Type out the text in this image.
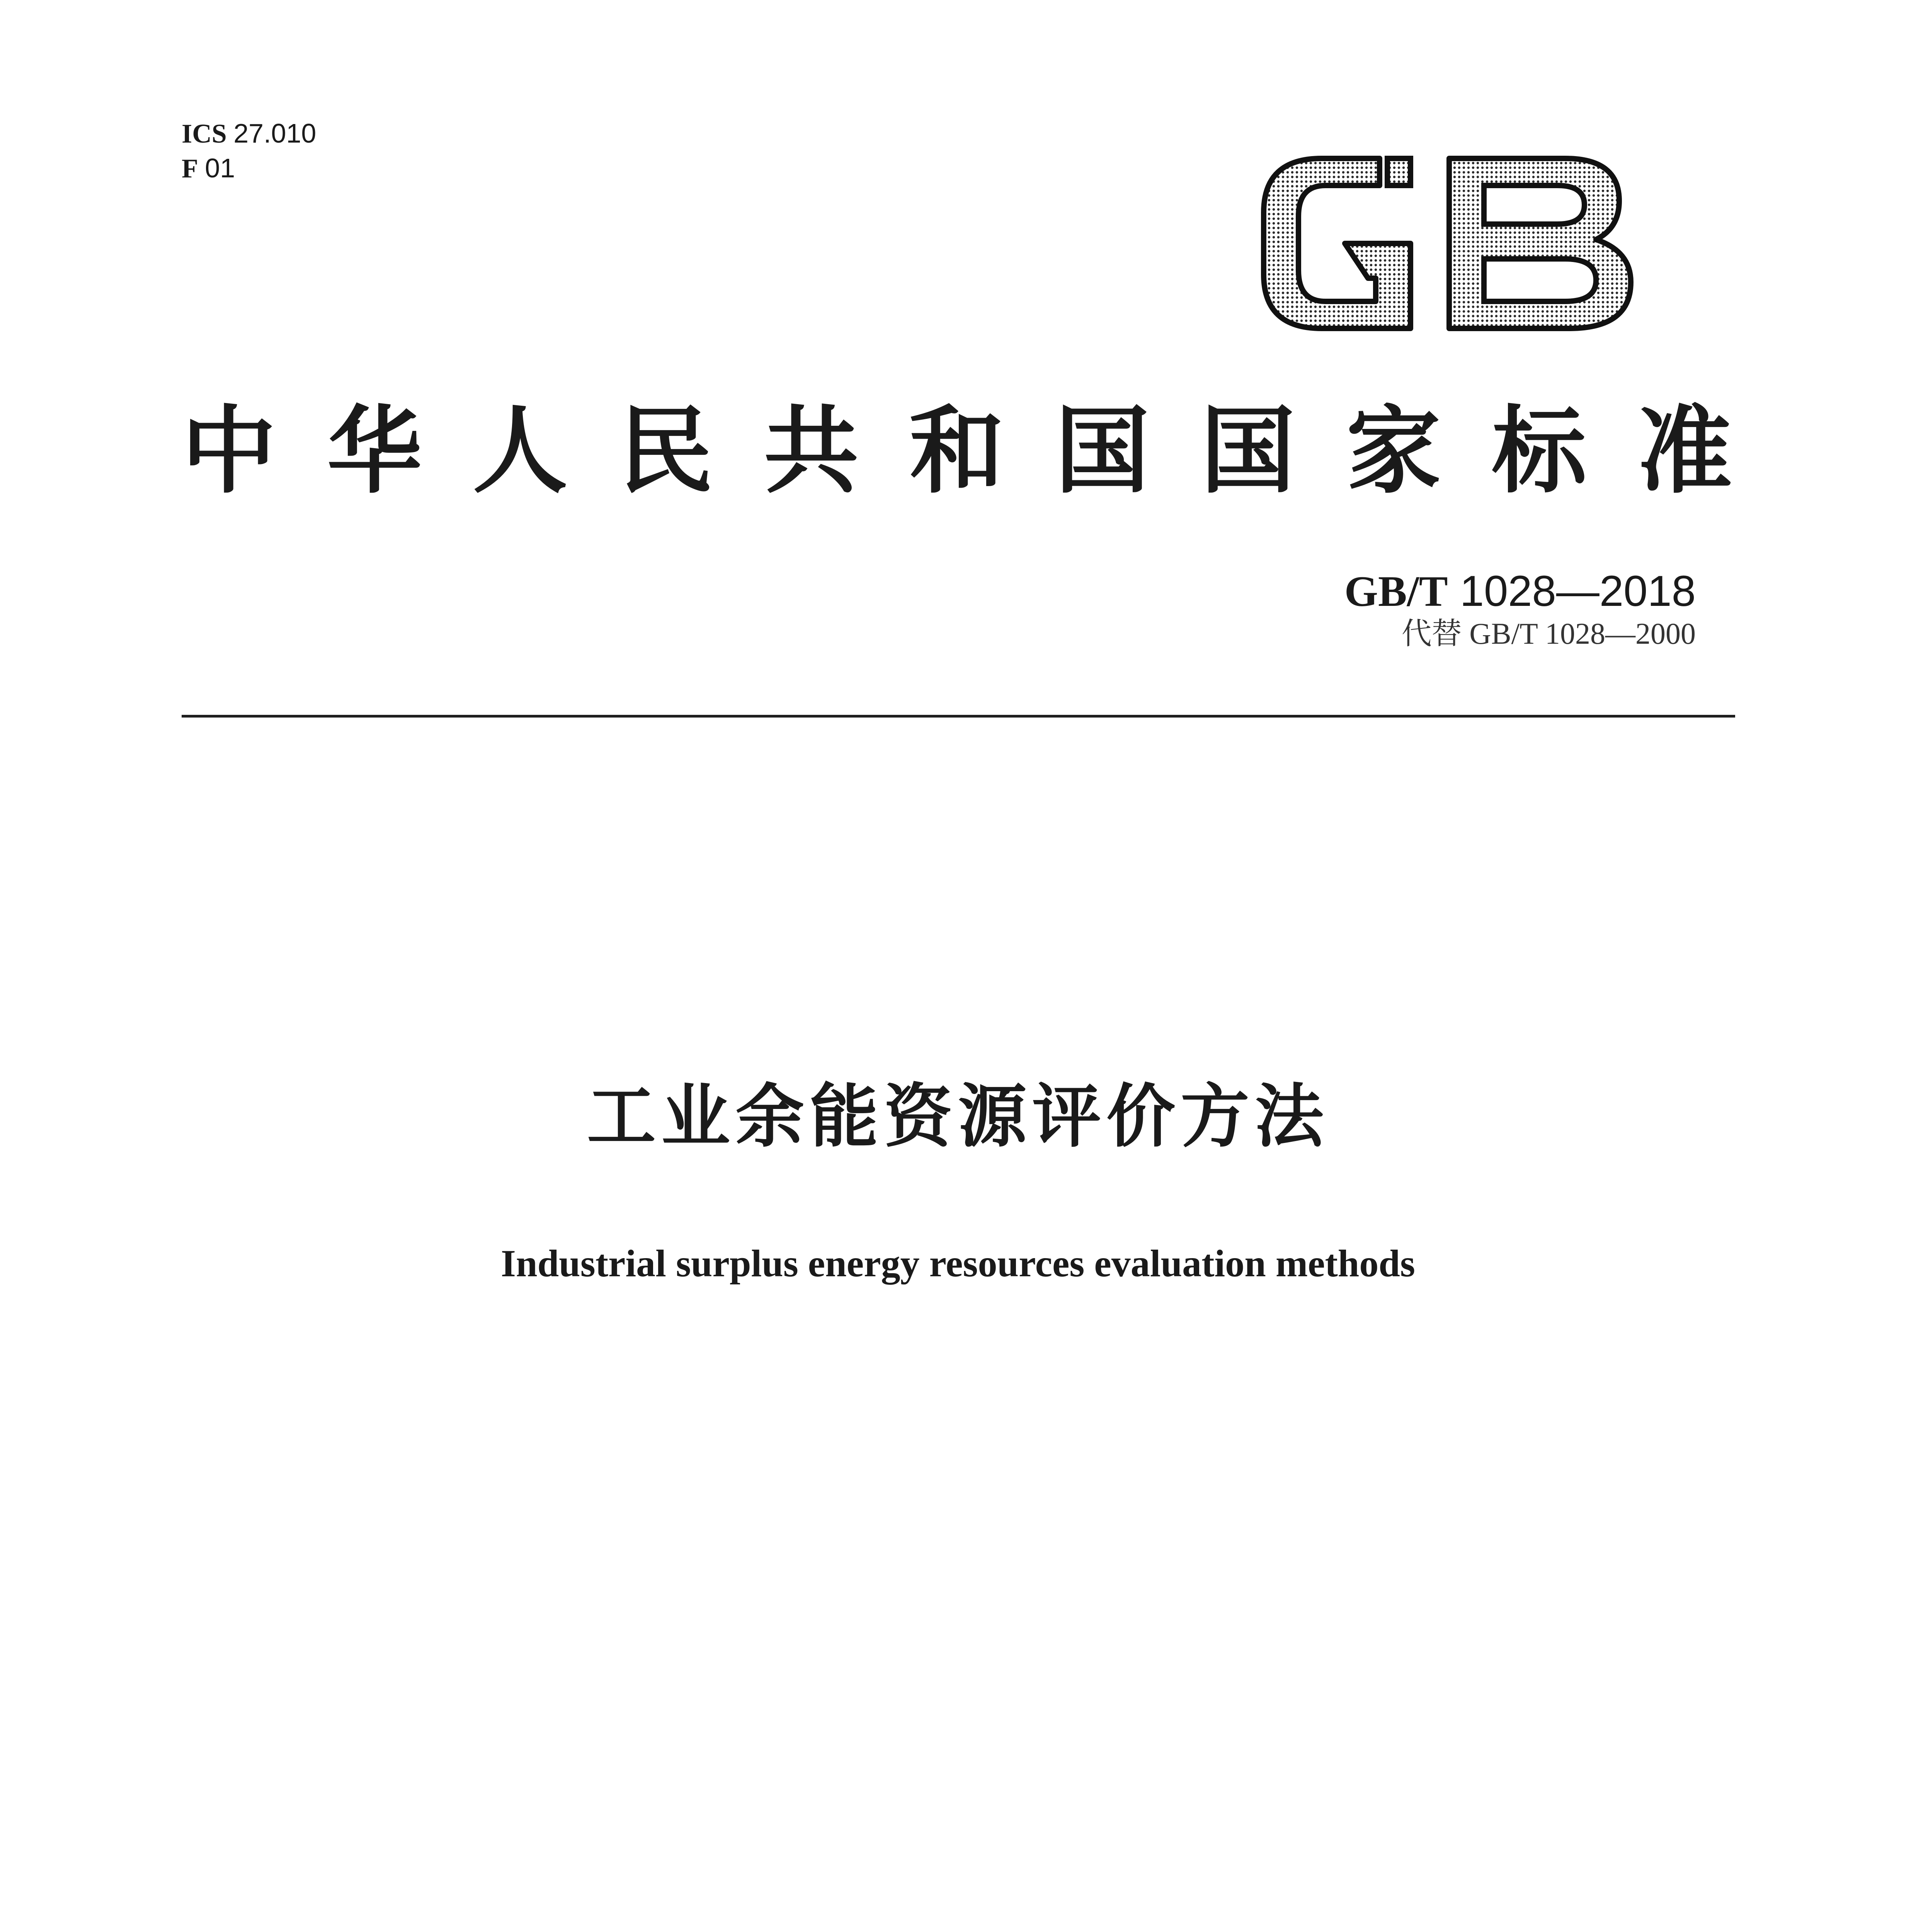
ICS 27.010
F 01
中华人民共和国国家标准
GB/T 1028—2018
代替 GB/T 1028—2000
工业余能资源评价方法
Industrial surplus energy resources evaluation methods
